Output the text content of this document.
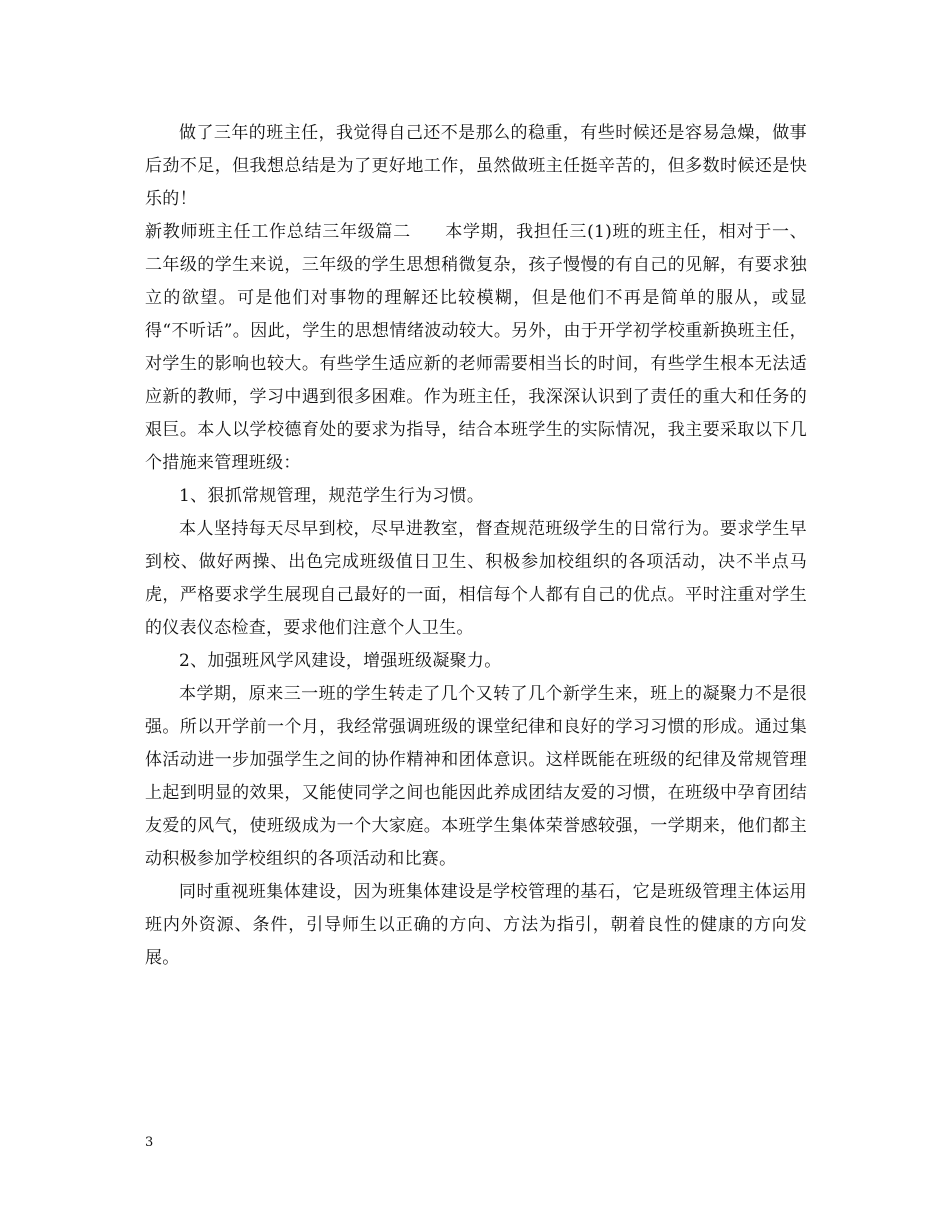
做了三年的班主任，我觉得自己还不是那么的稳重，有些时候还是容易急燥，做事后劲不足，但我想总结是为了更好地工作，虽然做班主任挺辛苦的，但多数时候还是快乐的！

新教师班主任工作总结三年级篇二 本学期，我担任三(1)班的班主任，相对于一、二年级的学生来说，三年级的学生思想稍微复杂，孩子慢慢的有自己的见解，有要求独立的欲望。可是他们对事物的理解还比较模糊，但是他们不再是简单的服从，或显得“不听话”。因此，学生的思想情绪波动较大。另外，由于开学初学校重新换班主任，对学生的影响也较大。有些学生适应新的老师需要相当长的时间，有些学生根本无法适应新的教师，学习中遇到很多困难。作为班主任，我深深认识到了责任的重大和任务的艰巨。本人以学校德育处的要求为指导，结合本班学生的实际情况，我主要采取以下几个措施来管理班级：

1、狠抓常规管理，规范学生行为习惯。

本人坚持每天尽早到校，尽早进教室，督查规范班级学生的日常行为。要求学生早到校、做好两操、出色完成班级值日卫生、积极参加校组织的各项活动，决不半点马虎，严格要求学生展现自己最好的一面，相信每个人都有自己的优点。平时注重对学生的仪表仪态检查，要求他们注意个人卫生。

2、加强班风学风建设，增强班级凝聚力。

本学期，原来三一班的学生转走了几个又转了几个新学生来，班上的凝聚力不是很强。所以开学前一个月，我经常强调班级的课堂纪律和良好的学习习惯的形成。通过集体活动进一步加强学生之间的协作精神和团体意识。这样既能在班级的纪律及常规管理上起到明显的效果，又能使同学之间也能因此养成团结友爱的习惯，在班级中孕育团结友爱的风气，使班级成为一个大家庭。本班学生集体荣誉感较强，一学期来，他们都主动积极参加学校组织的各项活动和比赛。

同时重视班集体建设，因为班集体建设是学校管理的基石，它是班级管理主体运用班内外资源、条件，引导师生以正确的方向、方法为指引，朝着良性的健康的方向发展。

3
